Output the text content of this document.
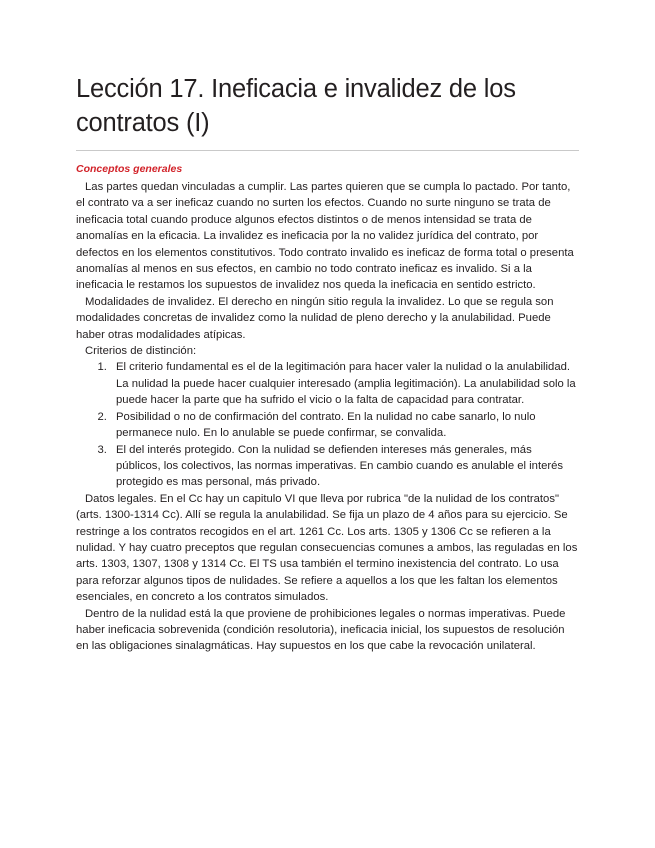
Lección 17. Ineficacia e invalidez de los contratos (I)
Conceptos generales

Las partes quedan vinculadas a cumplir. Las partes quieren que se cumpla lo pactado. Por tanto, el contrato va a ser ineficaz cuando no surten los efectos. Cuando no surte ninguno se trata de ineficacia total cuando produce algunos efectos distintos o de menos intensidad se trata de anomalías en la eficacia. La invalidez es ineficacia por la no validez jurídica del contrato, por defectos en los elementos constitutivos. Todo contrato invalido es ineficaz de forma total o presenta anomalías al menos en sus efectos, en cambio no todo contrato ineficaz es invalido. Si a la ineficacia le restamos los supuestos de invalidez nos queda la ineficacia en sentido estricto.

Modalidades de invalidez. El derecho en ningún sitio regula la invalidez. Lo que se regula son modalidades concretas de invalidez como la nulidad de pleno derecho y la anulabilidad. Puede haber otras modalidades atípicas.

Criterios de distinción:

1. El criterio fundamental es el de la legitimación para hacer valer la nulidad o la anulabilidad. La nulidad la puede hacer cualquier interesado (amplia legitimación). La anulabilidad solo la puede hacer la parte que ha sufrido el vicio o la falta de capacidad para contratar.
2. Posibilidad o no de confirmación del contrato. En la nulidad no cabe sanarlo, lo nulo permanece nulo. En lo anulable se puede confirmar, se convalida.
3. El del interés protegido. Con la nulidad se defienden intereses más generales, más públicos, los colectivos, las normas imperativas. En cambio cuando es anulable el interés protegido es mas personal, más privado.

Datos legales. En el Cc hay un capitulo VI que lleva por rubrica "de la nulidad de los contratos" (arts. 1300-1314 Cc). Allí se regula la anulabilidad. Se fija un plazo de 4 años para su ejercicio. Se restringe a los contratos recogidos en el art. 1261 Cc. Los arts. 1305 y 1306 Cc se refieren a la nulidad. Y hay cuatro preceptos que regulan consecuencias comunes a ambos, las reguladas en los arts. 1303, 1307, 1308 y 1314 Cc. El TS usa también el termino inexistencia del contrato. Lo usa para reforzar algunos tipos de nulidades. Se refiere a aquellos a los que les faltan los elementos esenciales, en concreto a los contratos simulados.

Dentro de la nulidad está la que proviene de prohibiciones legales o normas imperativas. Puede haber ineficacia sobrevenida (condición resolutoria), ineficacia inicial, los supuestos de resolución en las obligaciones sinalagmáticas. Hay supuestos en los que cabe la revocación unilateral.
